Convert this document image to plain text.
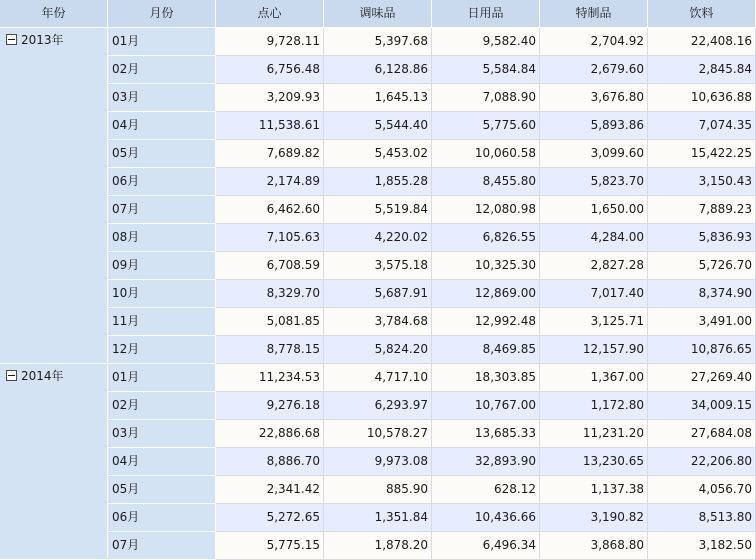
年份	月份	点心	调味品	日用品	特制品	饮料
2013年	01月	9,728.11	5,397.68	9,582.40	2,704.92	22,408.16
02月	6,756.48	6,128.86	5,584.84	2,679.60	2,845.84
03月	3,209.93	1,645.13	7,088.90	3,676.80	10,636.88
04月	11,538.61	5,544.40	5,775.60	5,893.86	7,074.35
05月	7,689.82	5,453.02	10,060.58	3,099.60	15,422.25
06月	2,174.89	1,855.28	8,455.80	5,823.70	3,150.43
07月	6,462.60	5,519.84	12,080.98	1,650.00	7,889.23
08月	7,105.63	4,220.02	6,826.55	4,284.00	5,836.93
09月	6,708.59	3,575.18	10,325.30	2,827.28	5,726.70
10月	8,329.70	5,687.91	12,869.00	7,017.40	8,374.90
11月	5,081.85	3,784.68	12,992.48	3,125.71	3,491.00
12月	8,778.15	5,824.20	8,469.85	12,157.90	10,876.65
2014年	01月	11,234.53	4,717.10	18,303.85	1,367.00	27,269.40
02月	9,276.18	6,293.97	10,767.00	1,172.80	34,009.15
03月	22,886.68	10,578.27	13,685.33	11,231.20	27,684.08
04月	8,886.70	9,973.08	32,893.90	13,230.65	22,206.80
05月	2,341.42	885.90	628.12	1,137.38	4,056.70
06月	5,272.65	1,351.84	10,436.66	3,190.82	8,513.80
07月	5,775.15	1,878.20	6,496.34	3,868.80	3,182.50
